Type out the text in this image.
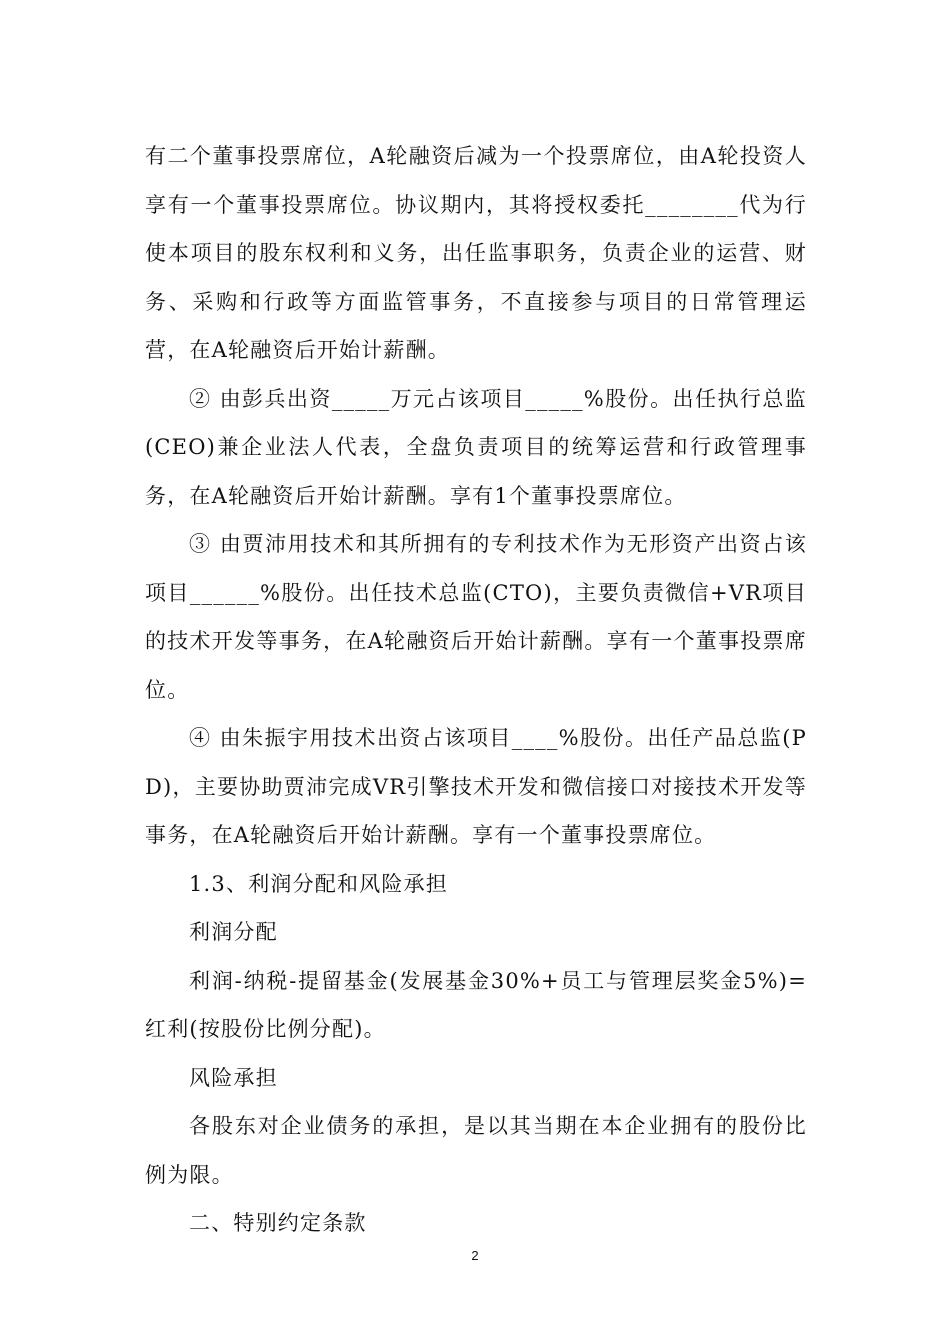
有二个董事投票席位，A轮融资后减为一个投票席位，由A轮投资人享有一个董事投票席位。协议期内，其将授权委托________代为行使本项目的股东权利和义务，出任监事职务，负责企业的运营、财务、采购和行政等方面监管事务，不直接参与项目的日常管理运营，在A轮融资后开始计薪酬。

② 由彭兵出资_____万元占该项目_____%股份。出任执行总监(CEO)兼企业法人代表，全盘负责项目的统筹运营和行政管理事务，在A轮融资后开始计薪酬。享有1个董事投票席位。

③ 由贾沛用技术和其所拥有的专利技术作为无形资产出资占该项目______%股份。出任技术总监(CTO)，主要负责微信+VR项目的技术开发等事务，在A轮融资后开始计薪酬。享有一个董事投票席位。

④ 由朱振宇用技术出资占该项目____%股份。出任产品总监(PD)，主要协助贾沛完成VR引擎技术开发和微信接口对接技术开发等事务，在A轮融资后开始计薪酬。享有一个董事投票席位。

1.3、利润分配和风险承担

利润分配

利润-纳税-提留基金(发展基金30%+员工与管理层奖金5%)=红利(按股份比例分配)。

风险承担

各股东对企业债务的承担，是以其当期在本企业拥有的股份比例为限。

二、特别约定条款

2
